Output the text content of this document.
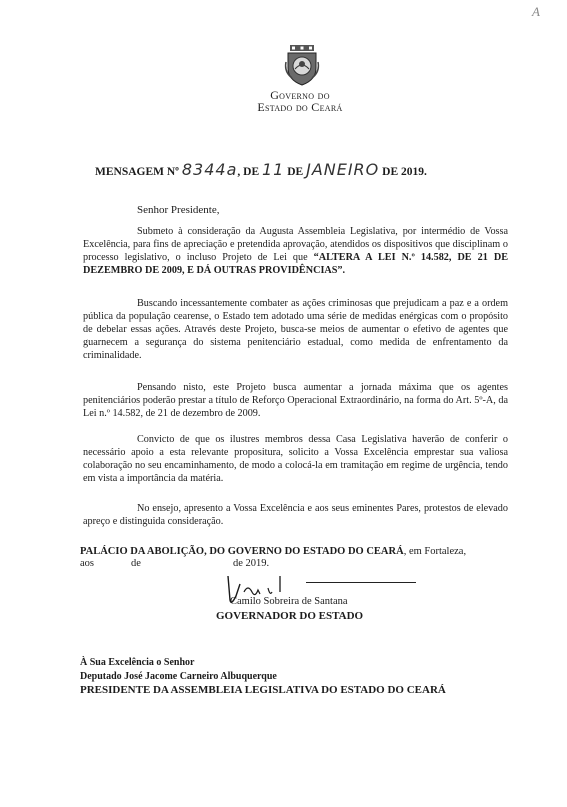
A
Governo do
Estado do Ceará
MENSAGEM Nº 8344a, DE 11 DE JANEIRO DE 2019.
Senhor Presidente,
Submeto à consideração da Augusta Assembleia Legislativa, por intermédio de Vossa Excelência, para fins de apreciação e pretendida aprovação, atendidos os dispositivos que disciplinam o processo legislativo, o incluso Projeto de Lei que “ALTERA A LEI N.º 14.582, DE 21 DE DEZEMBRO DE 2009, E DÁ OUTRAS PROVIDÊNCIAS”.
Buscando incessantemente combater as ações criminosas que prejudicam a paz e a ordem pública da população cearense, o Estado tem adotado uma série de medidas enérgicas com o propósito de debelar essas ações. Através deste Projeto, busca-se meios de aumentar o efetivo de agentes que guarnecem a segurança do sistema penitenciário estadual, como medida de enfrentamento da criminalidade.
Pensando nisto, este Projeto busca aumentar a jornada máxima que os agentes penitenciários poderão prestar a título de Reforço Operacional Extraordinário, na forma do Art. 5º-A, da Lei n.º 14.582, de 21 de dezembro de 2009.
Convicto de que os ilustres membros dessa Casa Legislativa haverão de conferir o necessário apoio a esta relevante propositura, solicito a Vossa Excelência emprestar sua valiosa colaboração no seu encaminhamento, de modo a colocá-la em tramitação em regime de urgência, tendo em vista a importância da matéria.
No ensejo, apresento a Vossa Excelência e aos seus eminentes Pares, protestos de elevado apreço e distinguida consideração.
PALÁCIO DA ABOLIÇÃO, DO GOVERNO DO ESTADO DO CEARÁ, em Fortaleza,
aos	de	de 2019.
Camilo Sobreira de Santana
GOVERNADOR DO ESTADO
À Sua Excelência o Senhor
Deputado José Jacome Carneiro Albuquerque
PRESIDENTE DA ASSEMBLEIA LEGISLATIVA DO ESTADO DO CEARÁ
